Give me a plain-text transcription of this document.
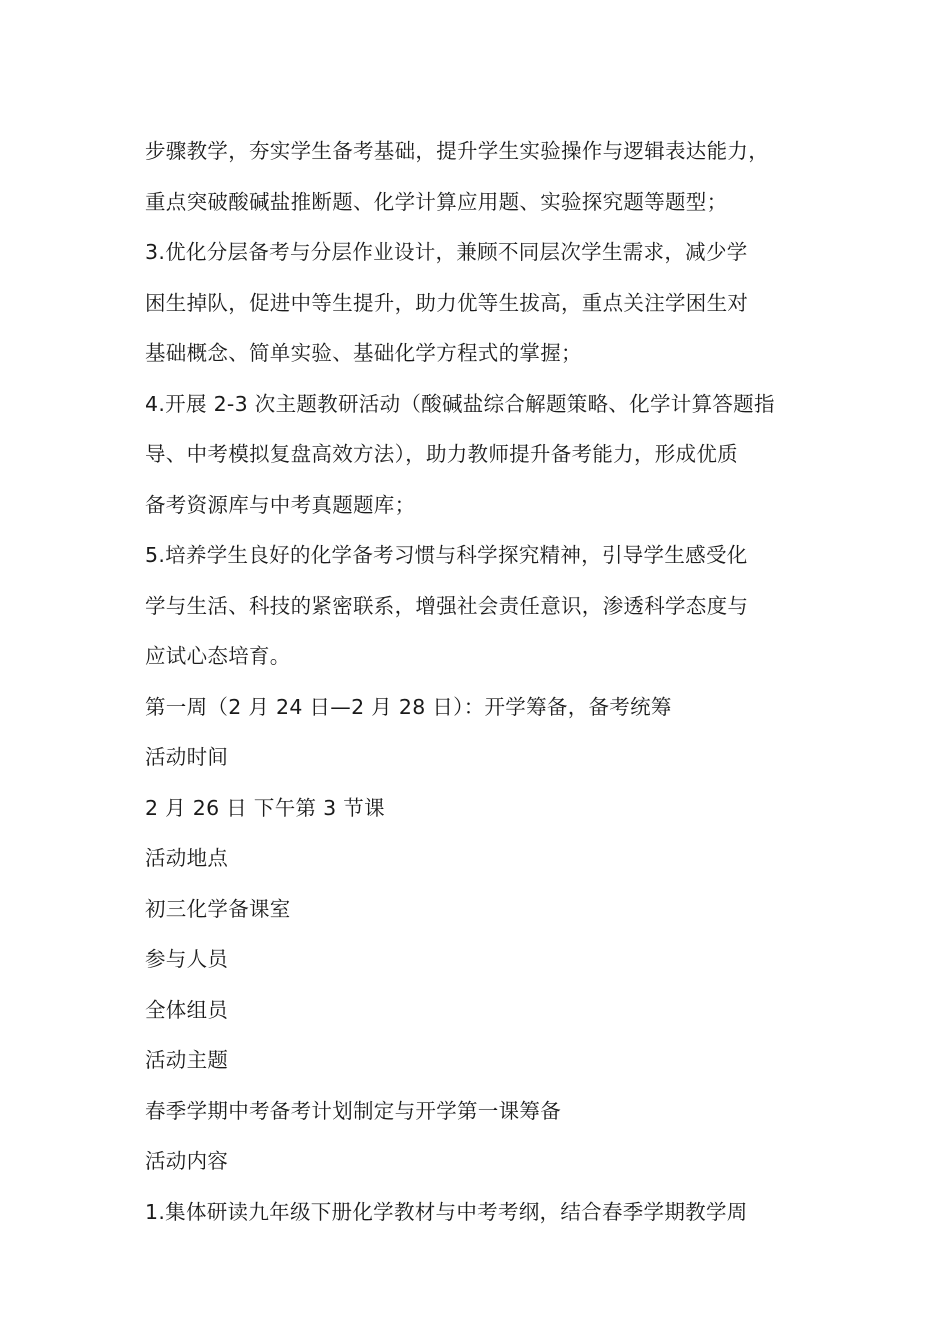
步骤教学，夯实学生备考基础，提升学生实验操作与逻辑表达能力，
重点突破酸碱盐推断题、化学计算应用题、实验探究题等题型；
3.优化分层备考与分层作业设计，兼顾不同层次学生需求，减少学
困生掉队，促进中等生提升，助力优等生拔高，重点关注学困生对
基础概念、简单实验、基础化学方程式的掌握；
4.开展 2-3 次主题教研活动（酸碱盐综合解题策略、化学计算答题指
导、中考模拟复盘高效方法），助力教师提升备考能力，形成优质
备考资源库与中考真题题库；
5.培养学生良好的化学备考习惯与科学探究精神，引导学生感受化
学与生活、科技的紧密联系，增强社会责任意识，渗透科学态度与
应试心态培育。
第一周（2 月 24 日—2 月 28 日）：开学筹备，备考统筹
活动时间
2 月 26 日 下午第 3 节课
活动地点
初三化学备课室
参与人员
全体组员
活动主题
春季学期中考备考计划制定与开学第一课筹备
活动内容
1.集体研读九年级下册化学教材与中考考纲，结合春季学期教学周
